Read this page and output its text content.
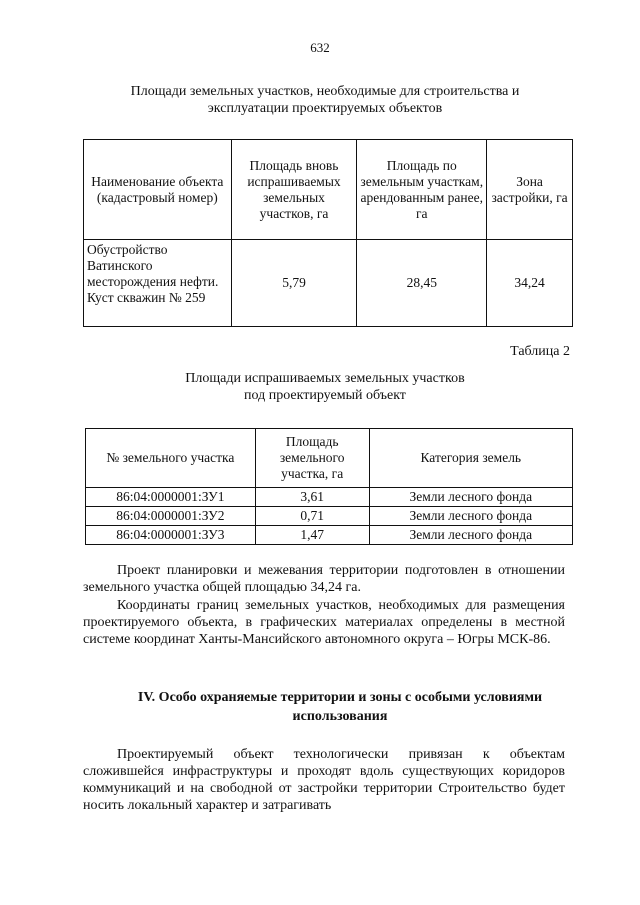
632
Площади земельных участков, необходимые для строительства и
эксплуатации проектируемых объектов
Наименование объекта (кадастровый номер)	Площадь вновь испрашиваемых земельных участков, га	Площадь по земельным участкам, арендованным ранее, га	Зона застройки, га
Обустройство Ватинского месторождения нефти. Куст скважин № 259	5,79	28,45	34,24
Таблица 2
Площади испрашиваемых земельных участков
под проектируемый объект
№ земельного участка	Площадь земельного участка, га	Категория земель
86:04:0000001:ЗУ1	3,61	Земли лесного фонда
86:04:0000001:ЗУ2	0,71	Земли лесного фонда
86:04:0000001:ЗУ3	1,47	Земли лесного фонда
Проект планировки и межевания территории подготовлен в отношении земельного участка общей площадью 34,24 га.
Координаты границ земельных участков, необходимых для размещения проектируемого объекта, в графических материалах определены в местной системе координат Ханты-Мансийского автономного округа – Югры МСК-86.
IV. Особо охраняемые территории и зоны с особыми условиями
использования
Проектируемый объект технологически привязан к объектам сложившейся инфраструктуры и проходят вдоль существующих коридоров коммуникаций и на свободной от застройки территории Строительство будет носить локальный характер и затрагивать
